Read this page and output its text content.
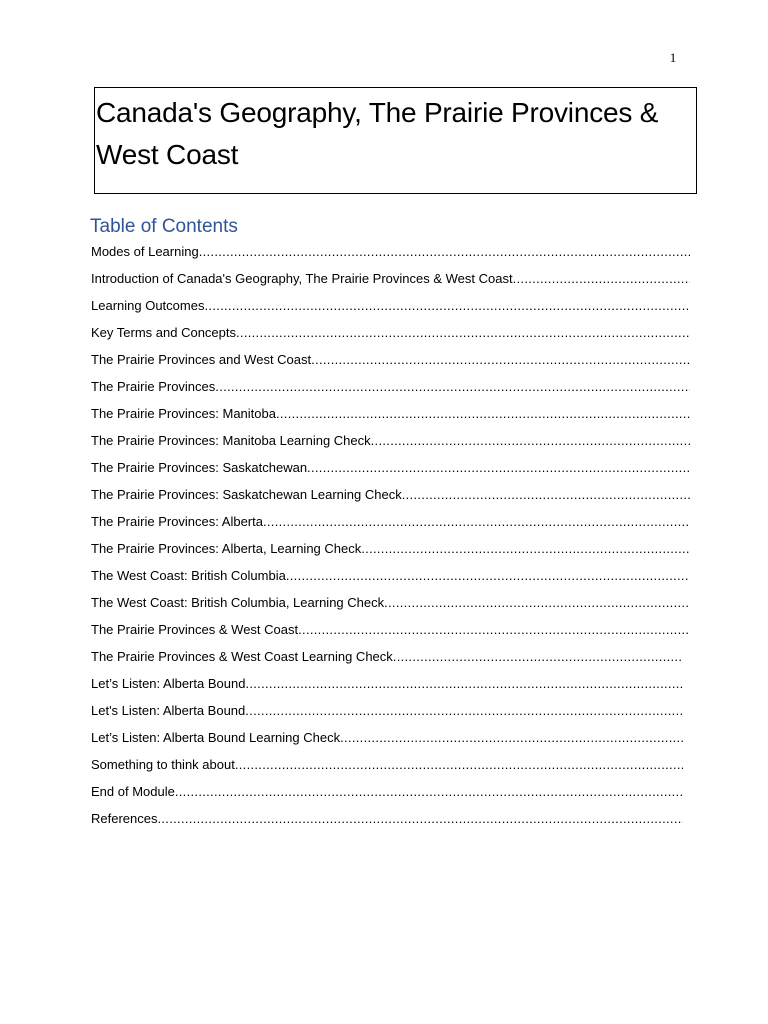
1
Canada's Geography, The Prairie Provinces & West Coast
Table of Contents
Modes of Learning
.....
Introduction of Canada's Geography, The Prairie Provinces & West Coast
.....
Learning Outcomes
.....
Key Terms and Concepts
.....
The Prairie Provinces and West Coast
.....
The Prairie Provinces
.....
The Prairie Provinces: Manitoba
.....
The Prairie Provinces: Manitoba Learning Check
.....
The Prairie Provinces: Saskatchewan
.....
The Prairie Provinces: Saskatchewan Learning Check
.....
The Prairie Provinces: Alberta
.....
The Prairie Provinces: Alberta, Learning Check
.....
The West Coast: British Columbia
.....
The West Coast: British Columbia, Learning Check
.....
The Prairie Provinces & West Coast
.....
The Prairie Provinces & West Coast Learning Check
.....
Let’s Listen: Alberta Bound
.....
Let's Listen: Alberta Bound
.....
Let’s Listen: Alberta Bound Learning Check
.....
Something to think about
.....
End of Module
.....
References
.....
